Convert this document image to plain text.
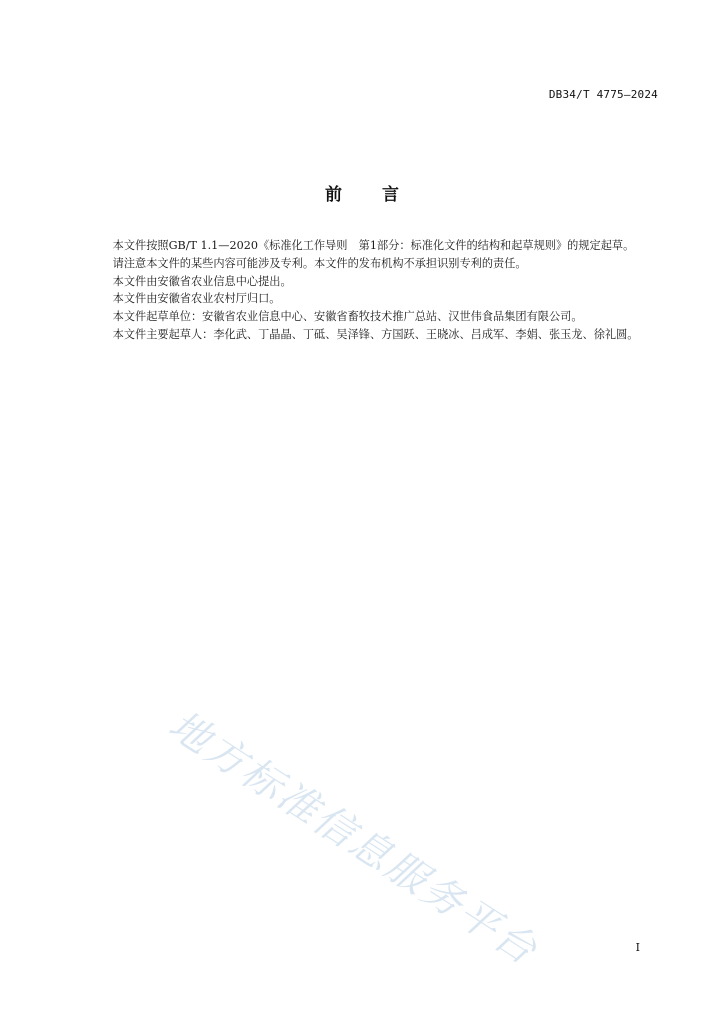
DB34/T 4775—2024
前言

本文件按照GB/T 1.1—2020《标准化工作导则　第1部分：标准化文件的结构和起草规则》的规定起草。

请注意本文件的某些内容可能涉及专利。本文件的发布机构不承担识别专利的责任。

本文件由安徽省农业信息中心提出。

本文件由安徽省农业农村厅归口。

本文件起草单位：安徽省农业信息中心、安徽省畜牧技术推广总站、汉世伟食品集团有限公司。

本文件主要起草人：李化武、丁晶晶、丁砥、吴泽锋、方国跃、王晓冰、吕成军、李娟、张玉龙、徐礼圆。

地方标准信息服务平台	I
